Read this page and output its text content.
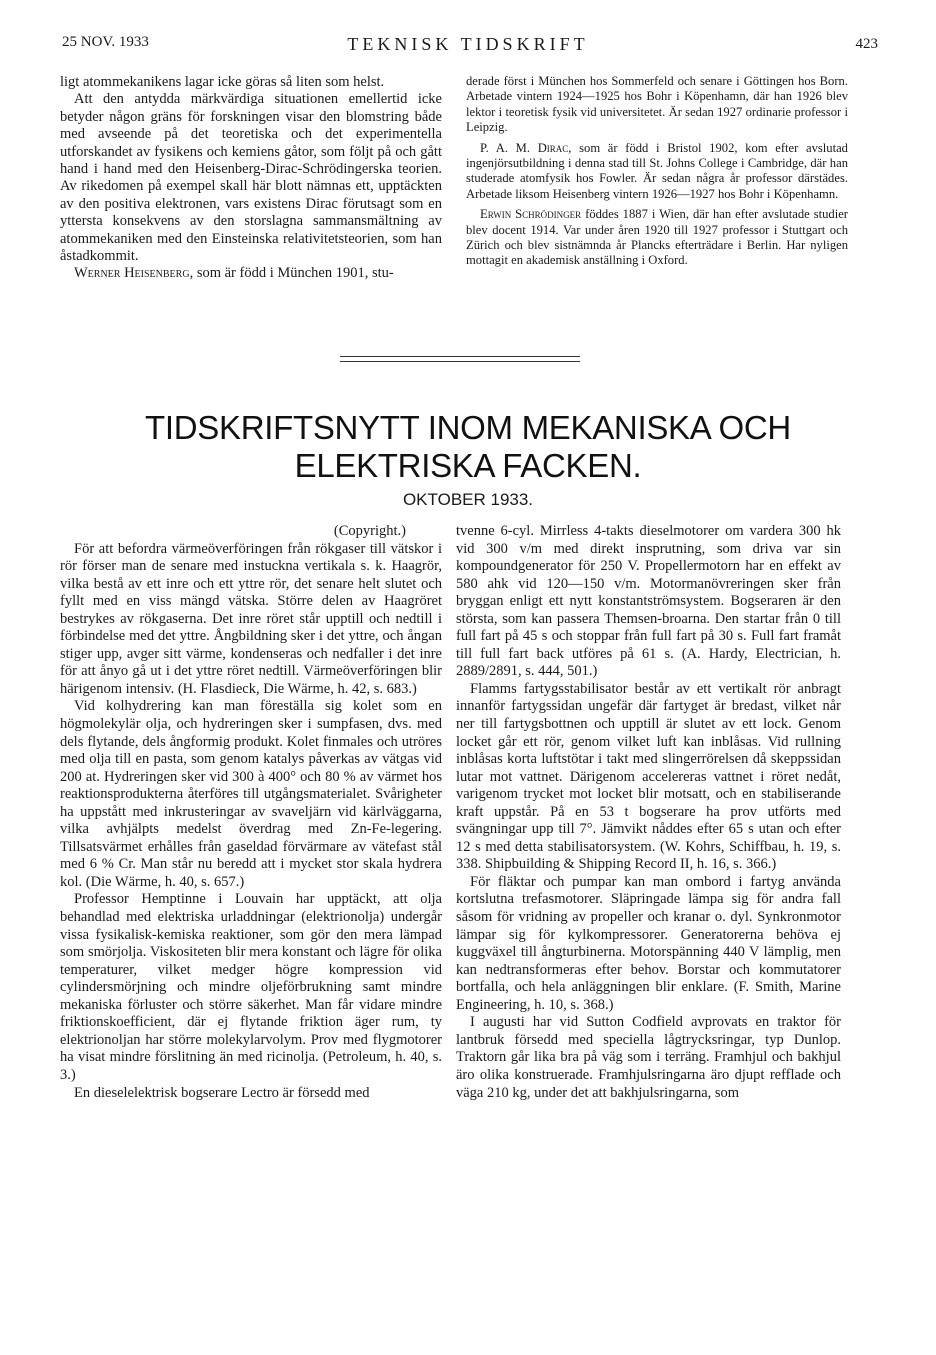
25 NOV. 1933	TEKNISK TIDSKRIFT	423

ligt atommekanikens lagar icke göras så liten som helst.

Att den antydda märkvärdiga situationen emellertid icke betyder någon gräns för forskningen visar den blomstring både med avseende på det teoretiska och det experimentella utforskandet av fysikens och kemiens gåtor, som följt på och gått hand i hand med den Heisenberg-Dirac-Schrödingerska teorien. Av rikedomen på exempel skall här blott nämnas ett, upptäckten av den positiva elektronen, vars existens Dirac förutsagt som en yttersta konsekvens av den storslagna sammansmältning av atommekaniken med den Einsteinska relativitetsteorien, som han åstadkommit.

Werner Heisenberg, som är född i München 1901, stu-

derade först i München hos Sommerfeld och senare i Göttingen hos Born. Arbetade vintern 1924—1925 hos Bohr i Köpenhamn, där han 1926 blev lektor i teoretisk fysik vid universitetet. Är sedan 1927 ordinarie professor i Leipzig.

P. A. M. Dirac, som är född i Bristol 1902, kom efter avslutad ingenjörsutbildning i denna stad till St. Johns College i Cambridge, där han studerade atomfysik hos Fowler. Är sedan några år professor därstädes. Arbetade liksom Heisenberg vintern 1926—1927 hos Bohr i Köpenhamn.

Erwin Schrödinger föddes 1887 i Wien, där han efter avslutade studier blev docent 1914. Var under åren 1920 till 1927 professor i Stuttgart och Zürich och blev sistnämnda år Plancks efterträdare i Berlin. Har nyligen mottagit en akademisk anställning i Oxford.

TIDSKRIFTSNYTT INOM MEKANISKA OCH
ELEKTRISKA FACKEN.
OKTOBER 1933.
(Copyright.)

För att befordra värmeöverföringen från rökgaser till vätskor i rör förser man de senare med instuckna vertikala s. k. Haagrör, vilka bestå av ett inre och ett yttre rör, det senare helt slutet och fyllt med en viss mängd vätska. Större delen av Haagröret bestrykes av rökgaserna. Det inre röret står upptill och nedtill i förbindelse med det yttre. Ångbildning sker i det yttre, och ångan stiger upp, avger sitt värme, kondenseras och nedfaller i det inre för att ånyo gå ut i det yttre röret nedtill. Värmeöverföringen blir härigenom intensiv. (H. Flasdieck, Die Wärme, h. 42, s. 683.)

Vid kolhydrering kan man föreställa sig kolet som en högmolekylär olja, och hydreringen sker i sumpfasen, dvs. med dels flytande, dels ångformig produkt. Kolet finmales och utröres med olja till en pasta, som genom katalys påverkas av vätgas vid 200 at. Hydreringen sker vid 300 à 400° och 80 % av värmet hos reaktionsprodukterna återföres till utgångsmaterialet. Svårigheter ha uppstått med inkrusteringar av svaveljärn vid kärlväggarna, vilka avhjälpts medelst överdrag med Zn-Fe-legering. Tillsatsvärmet erhålles från gaseldad förvärmare av vätefast stål med 6 % Cr. Man står nu beredd att i mycket stor skala hydrera kol. (Die Wärme, h. 40, s. 657.)

Professor Hemptinne i Louvain har upptäckt, att olja behandlad med elektriska urladdningar (elektrionolja) undergår vissa fysikalisk-kemiska reaktioner, som gör den mera lämpad som smörjolja. Viskositeten blir mera konstant och lägre för olika temperaturer, vilket medger högre kompression vid cylindersmörjning och mindre oljeförbrukning samt mindre mekaniska förluster och större säkerhet. Man får vidare mindre friktionskoefficient, där ej flytande friktion äger rum, ty elektrionoljan har större molekylarvolym. Prov med flygmotorer ha visat mindre förslitning än med ricinolja. (Petroleum, h. 40, s. 3.)

En dieselelektrisk bogserare Lectro är försedd med

tvenne 6-cyl. Mirrless 4-takts dieselmotorer om vardera 300 hk vid 300 v/m med direkt insprutning, som driva var sin kompoundgenerator för 250 V. Propellermotorn har en effekt av 580 ahk vid 120—150 v/m. Motormanövreringen sker från bryggan enligt ett nytt konstantströmsystem. Bogseraren är den största, som kan passera Themsen-broarna. Den startar från 0 till full fart på 45 s och stoppar från full fart på 30 s. Full fart framåt till full fart back utföres på 61 s. (A. Hardy, Electrician, h. 2889/2891, s. 444, 501.)

Flamms fartygsstabilisator består av ett vertikalt rör anbragt innanför fartygssidan ungefär där fartyget är bredast, vilket når ner till fartygsbottnen och upptill är slutet av ett lock. Genom locket går ett rör, genom vilket luft kan inblåsas. Vid rullning inblåsas korta luftstötar i takt med slingerrörelsen då skeppssidan lutar mot vattnet. Därigenom accelereras vattnet i röret nedåt, varigenom trycket mot locket blir motsatt, och en stabiliserande kraft uppstår. På en 53 t bogserare ha prov utförts med svängningar upp till 7°. Jämvikt nåddes efter 65 s utan och efter 12 s med detta stabilisatorsystem. (W. Kohrs, Schiffbau, h. 19, s. 338. Shipbuilding & Shipping Record II, h. 16, s. 366.)

För fläktar och pumpar kan man ombord i fartyg använda kortslutna trefasmotorer. Släpringade lämpa sig för andra fall såsom för vridning av propeller och kranar o. dyl. Synkronmotor lämpar sig för kylkompressorer. Generatorerna behöva ej kuggväxel till ångturbinerna. Motorspänning 440 V lämplig, men kan nedtransformeras efter behov. Borstar och kommutatorer bortfalla, och hela anläggningen blir enklare. (F. Smith, Marine Engineering, h. 10, s. 368.)

I augusti har vid Sutton Codfield avprovats en traktor för lantbruk försedd med speciella lågtrycksringar, typ Dunlop. Traktorn går lika bra på väg som i terräng. Framhjul och bakhjul äro olika konstruerade. Framhjulsringarna äro djupt refflade och väga 210 kg, under det att bakhjulsringarna, som
